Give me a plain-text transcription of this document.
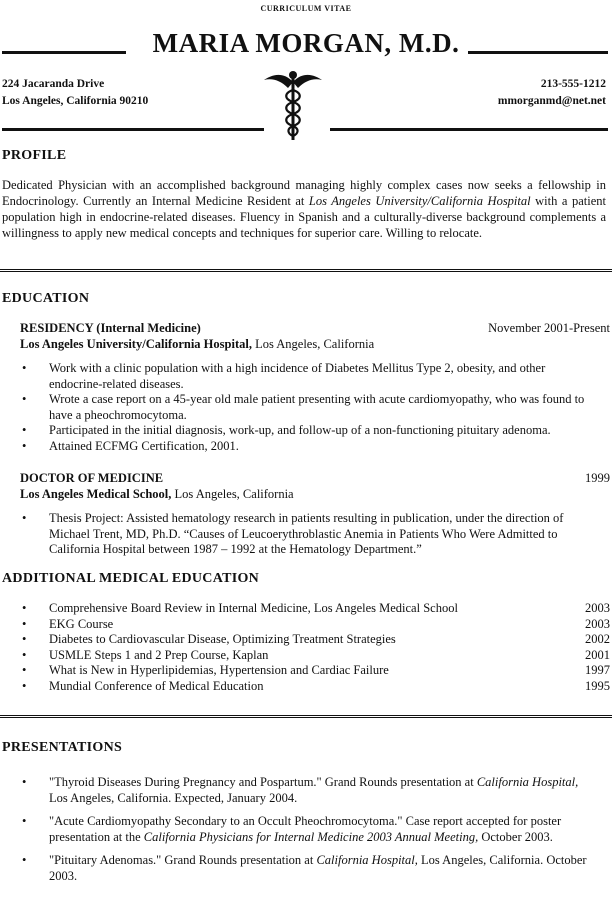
CURRICULUM VITAE
MARIA MORGAN, M.D.
224 Jacaranda Drive
Los Angeles, California 90210
213-555-1212
mmorganmd@net.net
PROFILE
Dedicated Physician with an accomplished background managing highly complex cases now seeks a fellowship in Endocrinology. Currently an Internal Medicine Resident at Los Angeles University/California Hospital with a patient population high in endocrine-related diseases. Fluency in Spanish and a culturally-diverse background complements a willingness to apply new medical concepts and techniques for superior care. Willing to relocate.
EDUCATION
RESIDENCY (Internal Medicine)	November 2001-Present
Los Angeles University/California Hospital, Los Angeles, California
• Work with a clinic population with a high incidence of Diabetes Mellitus Type 2, obesity, and other endocrine-related diseases.
• Wrote a case report on a 45-year old male patient presenting with acute cardiomyopathy, who was found to have a pheochromocytoma.
• Participated in the initial diagnosis, work-up, and follow-up of a non-functioning pituitary adenoma.
• Attained ECFMG Certification, 2001.
DOCTOR OF MEDICINE	1999
Los Angeles Medical School, Los Angeles, California
• Thesis Project: Assisted hematology research in patients resulting in publication, under the direction of Michael Trent, MD, Ph.D. “Causes of Leucoerythroblastic Anemia in Patients Who Were Admitted to California Hospital between 1987 – 1992 at the Hematology Department.”
ADDITIONAL MEDICAL EDUCATION
• Comprehensive Board Review in Internal Medicine, Los Angeles Medical School	2003
• EKG Course	2003
• Diabetes to Cardiovascular Disease, Optimizing Treatment Strategies	2002
• USMLE Steps 1 and 2 Prep Course, Kaplan	2001
• What is New in Hyperlipidemias, Hypertension and Cardiac Failure	1997
• Mundial Conference of Medical Education	1995
PRESENTATIONS
• "Thyroid Diseases During Pregnancy and Pospartum." Grand Rounds presentation at California Hospital, Los Angeles, California. Expected, January 2004.
• "Acute Cardiomyopathy Secondary to an Occult Pheochromocytoma." Case report accepted for poster presentation at the California Physicians for Internal Medicine 2003 Annual Meeting, October 2003.
• "Pituitary Adenomas." Grand Rounds presentation at California Hospital, Los Angeles, California. October 2003.
